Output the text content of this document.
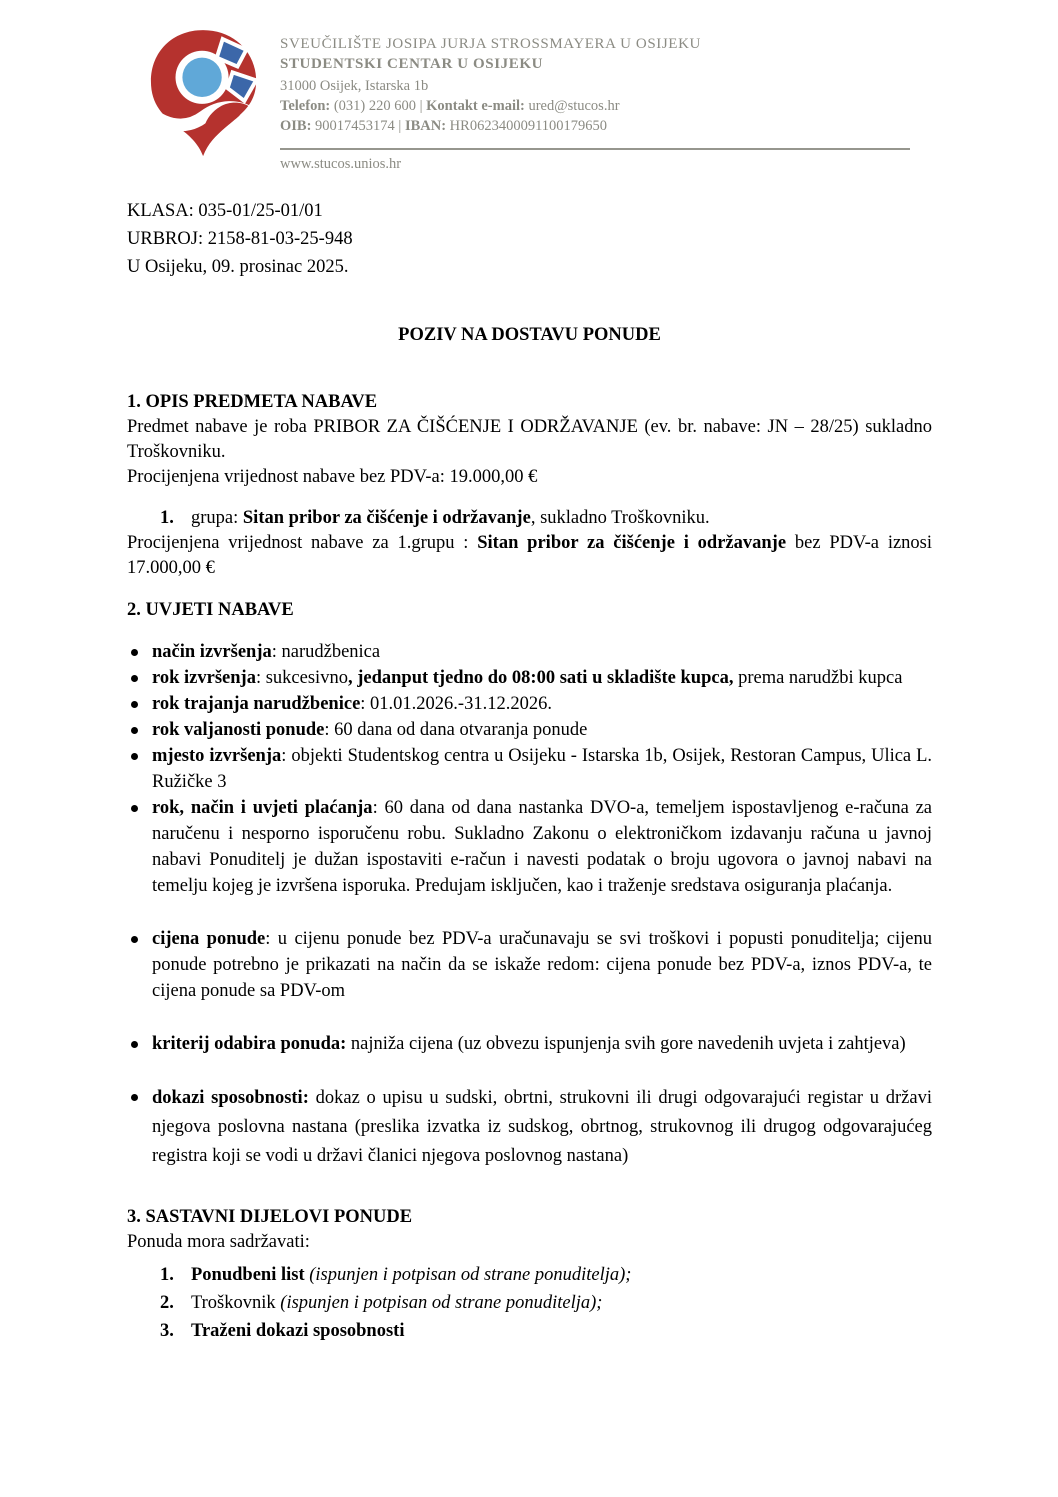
SVEUČILIŠTE JOSIPA JURJA STROSSMAYERA U OSIJEKU
STUDENTSKI CENTAR U OSIJEKU
31000 Osijek, Istarska 1b
Telefon: (031) 220 600 | Kontakt e-mail: ured@stucos.hr
OIB: 90017453174 | IBAN: HR0623400091100179650
www.stucos.unios.hr
KLASA: 035-01/25-01/01
URBROJ: 2158-81-03-25-948
U Osijeku, 09. prosinac 2025.
POZIV NA DOSTAVU PONUDE
1. OPIS PREDMETA NABAVE

Predmet nabave je roba PRIBOR ZA ČIŠĆENJE I ODRŽAVANJE (ev. br. nabave: JN – 28/25) sukladno Troškovniku.

Procijenjena vrijednost nabave bez PDV-a: 19.000,00 €

1. grupa: Sitan pribor za čišćenje i održavanje, sukladno Troškovniku.

Procijenjena vrijednost nabave za 1.grupu : Sitan pribor za čišćenje i održavanje bez PDV-a iznosi 17.000,00 €

2. UVJETI NABAVE
način izvršenja: narudžbenica
rok izvršenja: sukcesivno, jedanput tjedno do 08:00 sati u skladište kupca, prema narudžbi kupca
rok trajanja narudžbenice: 01.01.2026.-31.12.2026.
rok valjanosti ponude: 60 dana od dana otvaranja ponude
mjesto izvršenja: objekti Studentskog centra u Osijeku - Istarska 1b, Osijek, Restoran Campus, Ulica L. Ružičke 3
rok, način i uvjeti plaćanja: 60 dana od dana nastanka DVO-a, temeljem ispostavljenog e-računa za naručenu i nesporno isporučenu robu. Sukladno Zakonu o elektroničkom izdavanju računa u javnoj nabavi Ponuditelj je dužan ispostaviti e-račun i navesti podatak o broju ugovora o javnoj nabavi na temelju kojeg je izvršena isporuka. Predujam isključen, kao i traženje sredstava osiguranja plaćanja.
cijena ponude: u cijenu ponude bez PDV-a uračunavaju se svi troškovi i popusti ponuditelja; cijenu ponude potrebno je prikazati na način da se iskaže redom: cijena ponude bez PDV-a, iznos PDV-a, te cijena ponude sa PDV-om
kriterij odabira ponuda: najniža cijena (uz obvezu ispunjenja svih gore navedenih uvjeta i zahtjeva)
dokazi sposobnosti: dokaz o upisu u sudski, obrtni, strukovni ili drugi odgovarajući registar u državi njegova poslovna nastana (preslika izvatka iz sudskog, obrtnog, strukovnog ili drugog odgovarajućeg registra koji se vodi u državi članici njegova poslovnog nastana)
3. SASTAVNI DIJELOVI PONUDE

Ponuda mora sadržavati:

1. Ponudbeni list (ispunjen i potpisan od strane ponuditelja);
2. Troškovnik (ispunjen i potpisan od strane ponuditelja);
3. Traženi dokazi sposobnosti
